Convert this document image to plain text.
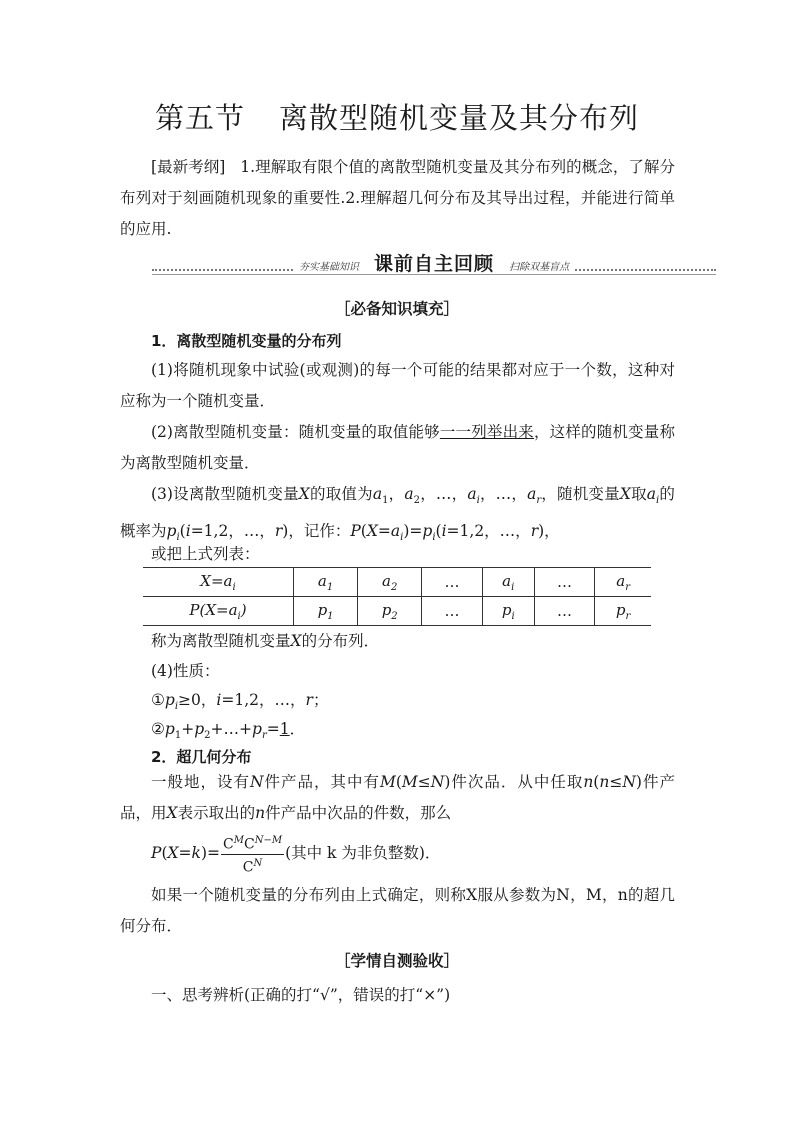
第五节 离散型随机变量及其分布列
[最新考纲] 1.理解取有限个值的离散型随机变量及其分布列的概念，了解分布列对于刻画随机现象的重要性.2.理解超几何分布及其导出过程，并能进行简单的应用.
夯实基础知识 课前自主回顾 扫除双基盲点
［必备知识填充］
1．离散型随机变量的分布列
(1)将随机现象中试验(或观测)的每一个可能的结果都对应于一个数，这种对应称为一个随机变量．
(2)离散型随机变量：随机变量的取值能够一一列举出来，这样的随机变量称为离散型随机变量．
(3)设离散型随机变量X的取值为$a_1$，$a_2$，…，$a_i$，…，$a_r$，随机变量X取$a_i$的概率为$p_i(i=1,2$，…，r)，记作：$P(X=a_i)=p_i(i=1,2$，…，r)，
或把上式列表：
$X=a_i$	$a_1$	$a_2$	…	$a_i$	…	$a_r$
$P(X=a_i)$	$p_1$	$p_2$	…	$p_i$	…	$p_r$
称为离散型随机变量X的分布列．
(4)性质：
$①p_i\ge 0$，i=1,2，…，r；
$②p_1+p_2+\dots+p_r=1$．
2．超几何分布
一般地，设有N件产品，其中有M(M≤N)件次品．从中任取n(n≤N)件产品，用X表示取出的n件产品中次品的件数，那么
$P(X=k)= \frac{C^MC^{N-M}}{C^N}$ (其中 k 为非负整数)．
如果一个随机变量的分布列由上式确定，则称X服从参数为N，M，n的超几何分布．
［学情自测验收］
一、思考辨析(正确的打“√”，错误的打“×”)
